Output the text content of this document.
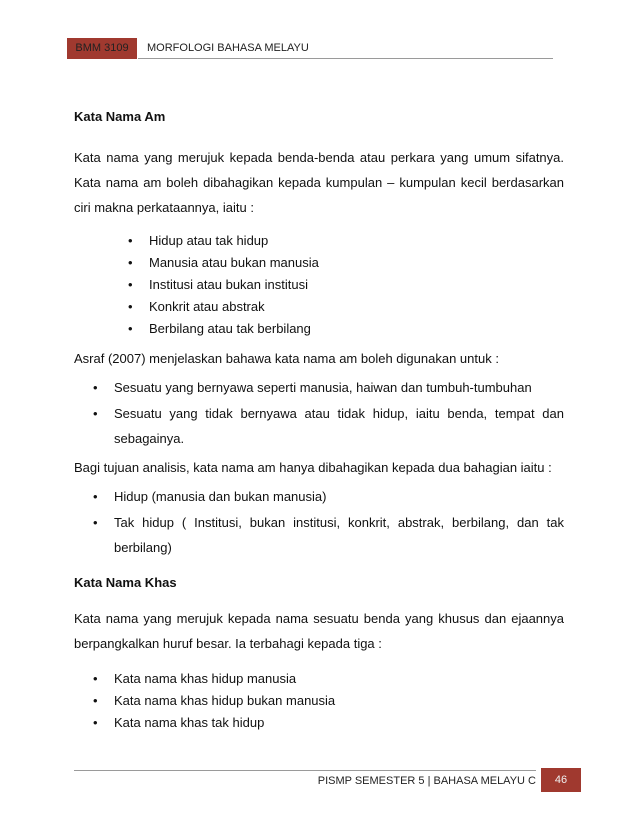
BMM 3109	MORFOLOGI BAHASA MELAYU
Kata Nama Am

Kata nama yang merujuk kepada benda-benda atau perkara yang umum sifatnya. Kata nama am boleh dibahagikan kepada kumpulan – kumpulan kecil berdasarkan ciri makna perkataannya, iaitu :

• Hidup atau tak hidup
• Manusia atau bukan manusia
• Institusi atau bukan institusi
• Konkrit atau abstrak
• Berbilang atau tak berbilang

Asraf (2007) menjelaskan bahawa kata nama am boleh digunakan untuk :

• Sesuatu yang bernyawa seperti manusia, haiwan dan tumbuh-tumbuhan
• Sesuatu yang tidak bernyawa atau tidak hidup, iaitu benda, tempat dan sebagainya.

Bagi tujuan analisis, kata nama am hanya dibahagikan kepada dua bahagian iaitu :

• Hidup (manusia dan bukan manusia)
• Tak hidup ( Institusi, bukan institusi, konkrit, abstrak, berbilang, dan tak berbilang)
Kata Nama Khas

Kata nama yang merujuk kepada nama sesuatu benda yang khusus dan ejaannya berpangkalkan huruf besar. Ia terbahagi kepada tiga :

• Kata nama khas hidup manusia
• Kata nama khas hidup bukan manusia
• Kata nama khas tak hidup
PISMP SEMESTER 5 | BAHASA MELAYU C	46
